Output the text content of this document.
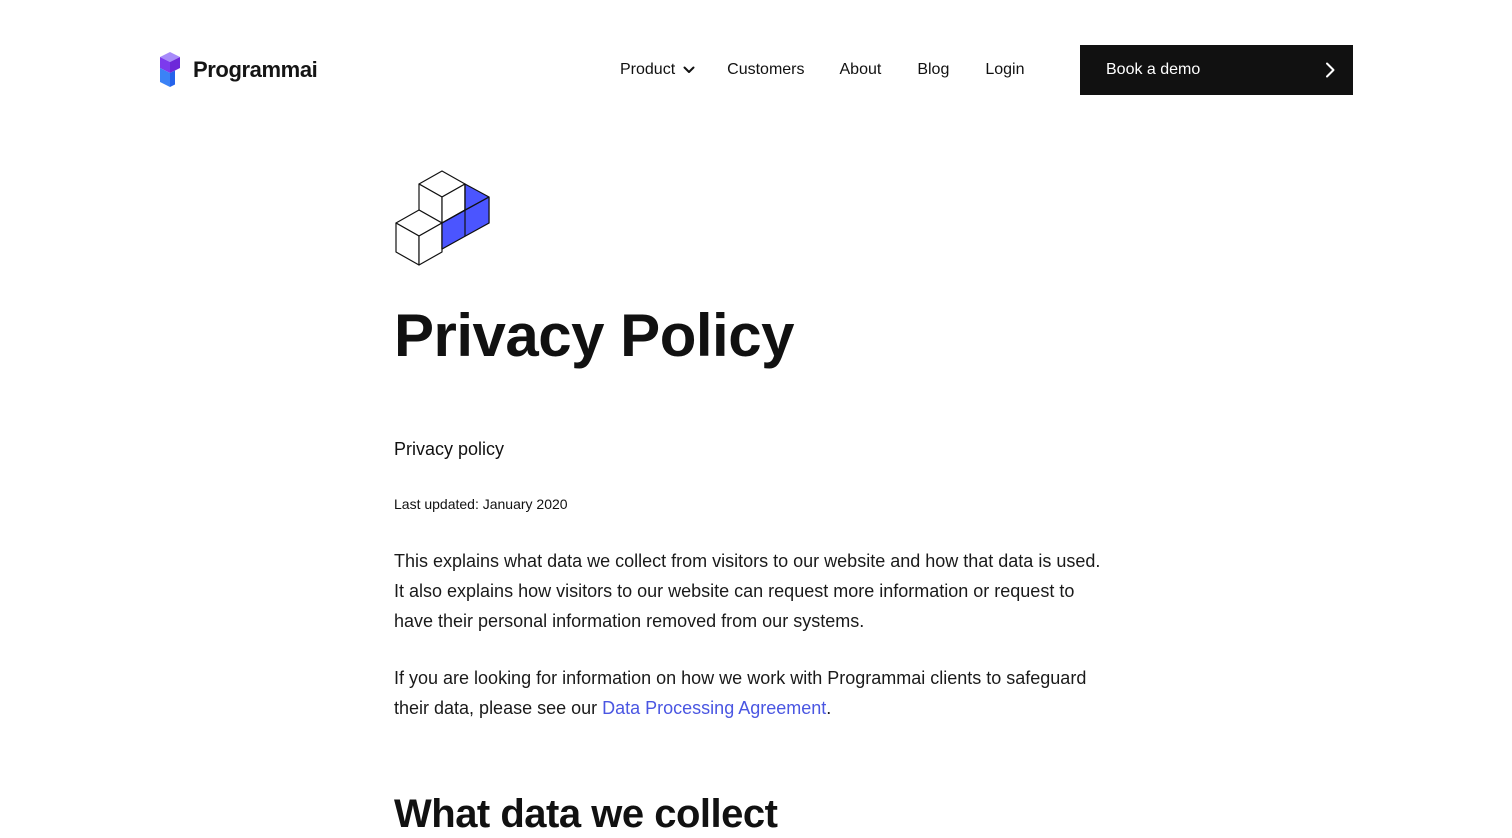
Programmai	Product	Customers About Blog Login	Book a demo
Privacy Policy

Privacy policy

Last updated: January 2020

This explains what data we collect from visitors to our website and how that data is used. It also explains how visitors to our website can request more information or request to have their personal information removed from our systems.

If you are looking for information on how we work with Programmai clients to safeguard their data, please see our Data Processing Agreement.

What data we collect
